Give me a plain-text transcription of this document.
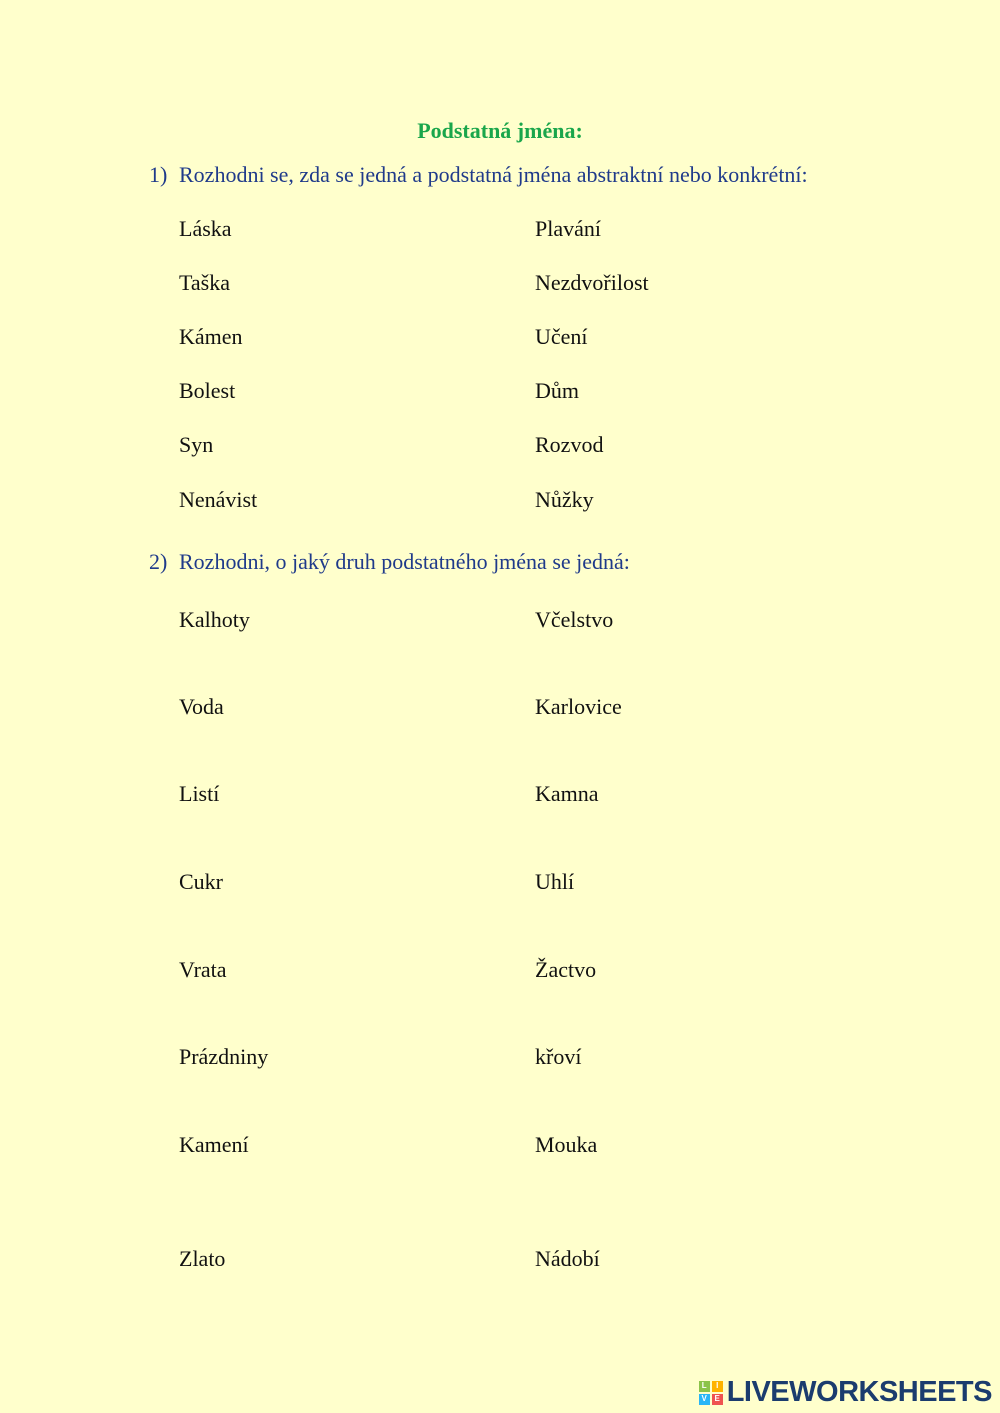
Podstatná jména:
1) Rozhodni se, zda se jedná a podstatná jména abstraktní nebo konkrétní:
Láska	Plavání
Taška	Nezdvořilost
Kámen	Učení
Bolest	Dům
Syn	Rozvod
Nenávist	Nůžky
2) Rozhodni, o jaký druh podstatného jména se jedná:
Kalhoty	Včelstvo
Voda	Karlovice
Listí	Kamna
Cukr	Uhlí
Vrata	Žactvo
Prázdniny	křoví
Kamení	Mouka
Zlato	Nádobí
L	I
V E LIVEWORKSHEETS
